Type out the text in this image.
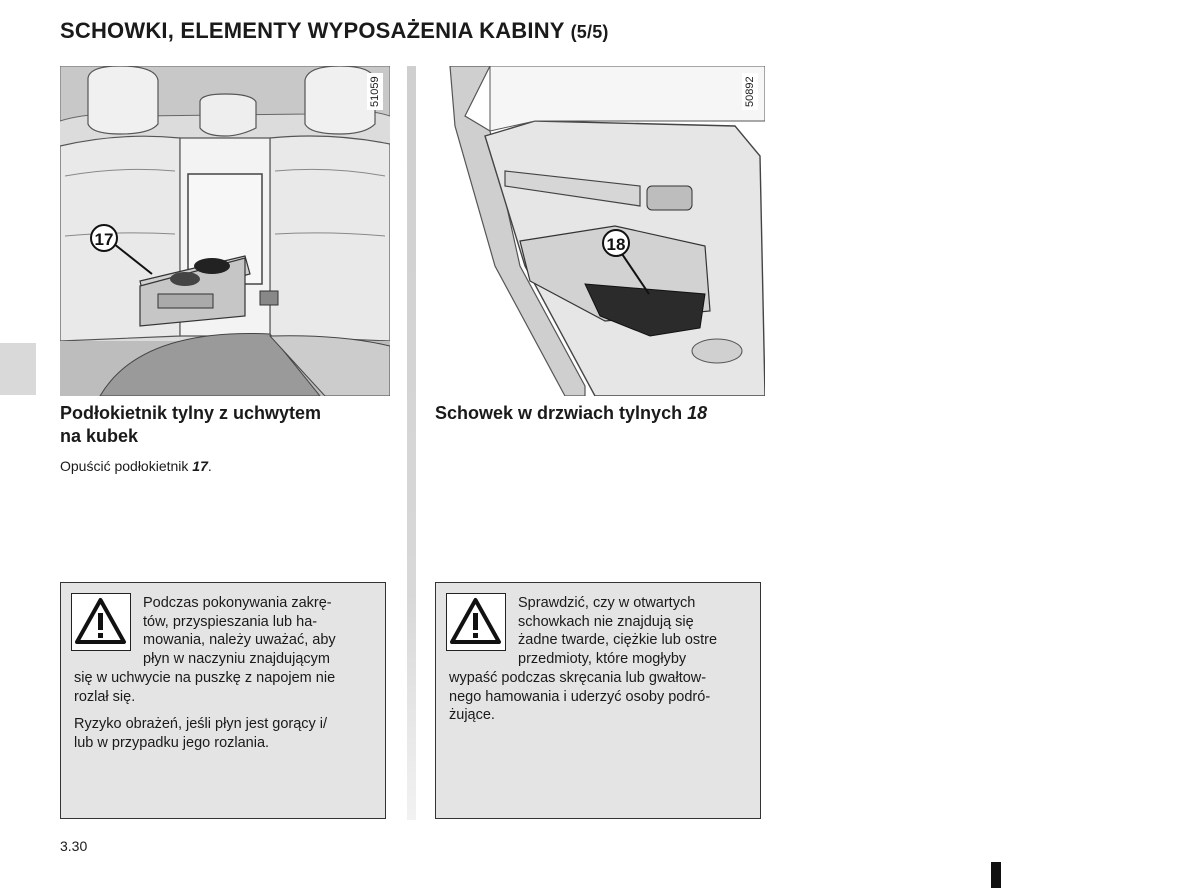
SCHOWKI, ELEMENTY WYPOSAŻENIA KABINY (5/5)
17
51059
18
50892
Podłokietnik tylny z uchwytem
na kubek
Opuścić podłokietnik 17.
Schowek w drzwiach tylnych 18
Podczas pokonywania zakrę-
tów, przyspieszania lub ha-
mowania, należy uważać, aby
płyn w naczyniu znajdującym
się w uchwycie na puszkę z napojem nie
rozlał się.
Ryzyko obrażeń, jeśli płyn jest gorący i/
lub w przypadku jego rozlania.
Sprawdzić, czy w otwartych
schowkach nie znajdują się
żadne twarde, ciężkie lub ostre
przedmioty, które mogłyby
wypaść podczas skręcania lub gwałtow-
nego hamowania i uderzyć osoby podró-
żujące.
3.30
